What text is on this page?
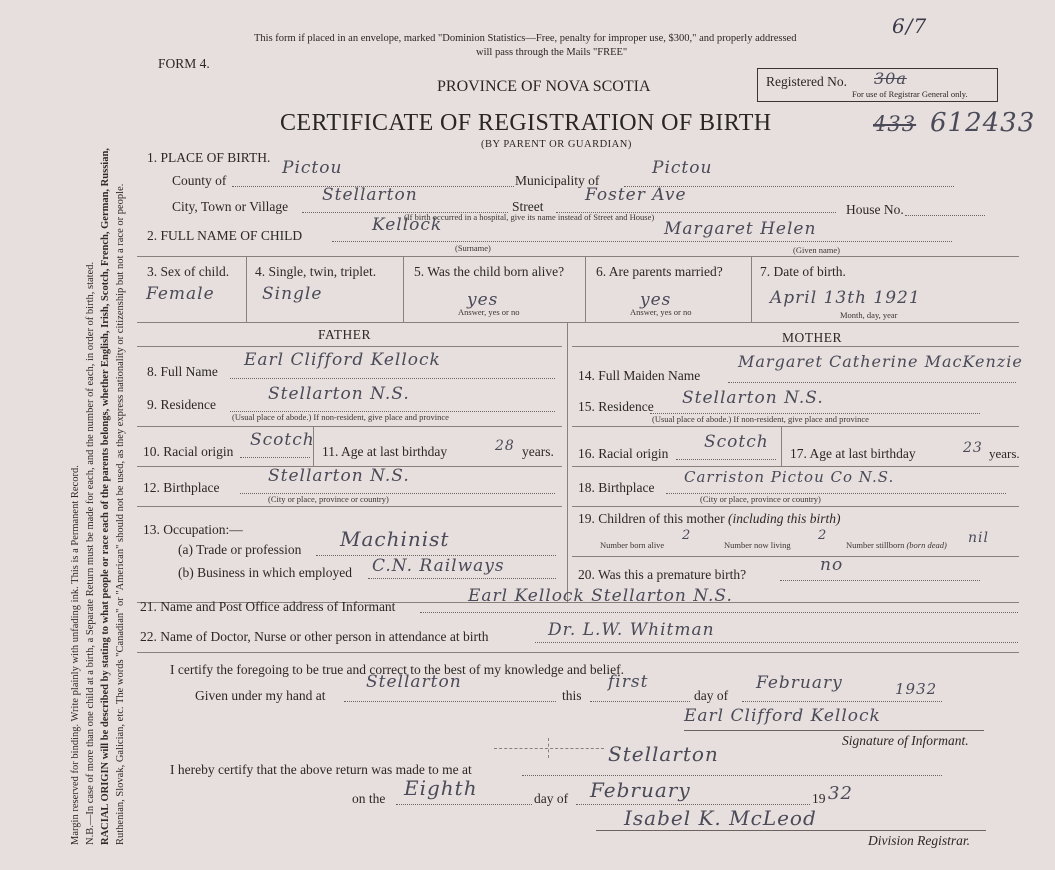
Margin reserved for binding. Write plainly with unfading ink. This is a Permanent Record. N.B.—In case of more than one child at a birth, a Separate Return must be made for each, and the number of each, in order of birth, stated. RACIAL ORIGIN will be described by stating to what people or race each of the parents belongs, whether English, Irish, Scotch, French, German, Russian, Ruthenian, Slovak, Galician, etc. The words "Canadian" or "American" should not be used, as they express nationality or citizenship but not a race or people.
This form if placed in an envelope, marked "Dominion Statistics—Free, penalty for improper use, $300," and properly addressed
will pass through the Mails "FREE"
6/7
FORM 4.
PROVINCE OF NOVA SCOTIA	Registered No. 30a
For use of Registrar General only.
CERTIFICATE OF REGISTRATION OF BIRTH	433 612433
(BY PARENT OR GUARDIAN)
1. PLACE OF BIRTH.
County of
Pictou
Municipality of
Pictou
City, Town or Village
Stellarton
Street
Foster Ave
House No.
(If birth occurred in a hospital, give its name instead of Street and House)
2. FULL NAME OF CHILD
Kellock
(Surname)
Margaret Helen
(Given name)
3. Sex of child.
Female
4. Single, twin, triplet.
Single
5. Was the child born alive?
yes
Answer, yes or no
6. Are parents married?
yes
Answer, yes or no
7. Date of birth.
April 13th 1921
Month, day, year
FATHER	MOTHER
8. Full Name
Earl Clifford Kellock
9. Residence
Stellarton N.S.
(Usual place of abode.) If non-resident, give place and province
10. Racial origin
Scotch
11. Age at last birthday	28 years.
12. Birthplace
Stellarton N.S.
(City or place, province or country)
13. Occupation:—
(a) Trade or profession Machinist
(b) Business in which employed C.N. Railways
14. Full Maiden Name
Margaret Catherine MacKenzie
15. Residence Stellarton N.S.
(Usual place of abode.) If non-resident, give place and province
16. Racial origin
Scotch
17. Age at last birthday	23 years.
18. Birthplace
Carriston Pictou Co N.S.
(City or place, province or country)
19. Children of this mother (including this birth)
Number born alive
2
Number now living
2
Number stillborn (born dead) nil
20. Was this a premature birth?	no
21. Name and Post Office address of Informant
Earl Kellock Stellarton N.S.
22. Name of Doctor, Nurse or other person in attendance at birth	Dr. L.W. Whitman
I certify the foregoing to be true and correct to the best of my knowledge and belief.
Given under my hand at
Stellarton
this
first
day of
February	1932
Earl Clifford Kellock
Signature of Informant.
I hereby certify that the above return was made to me at
Stellarton
on the Eighth	day of February	19 32
Isabel K. McLeod
Division Registrar.
